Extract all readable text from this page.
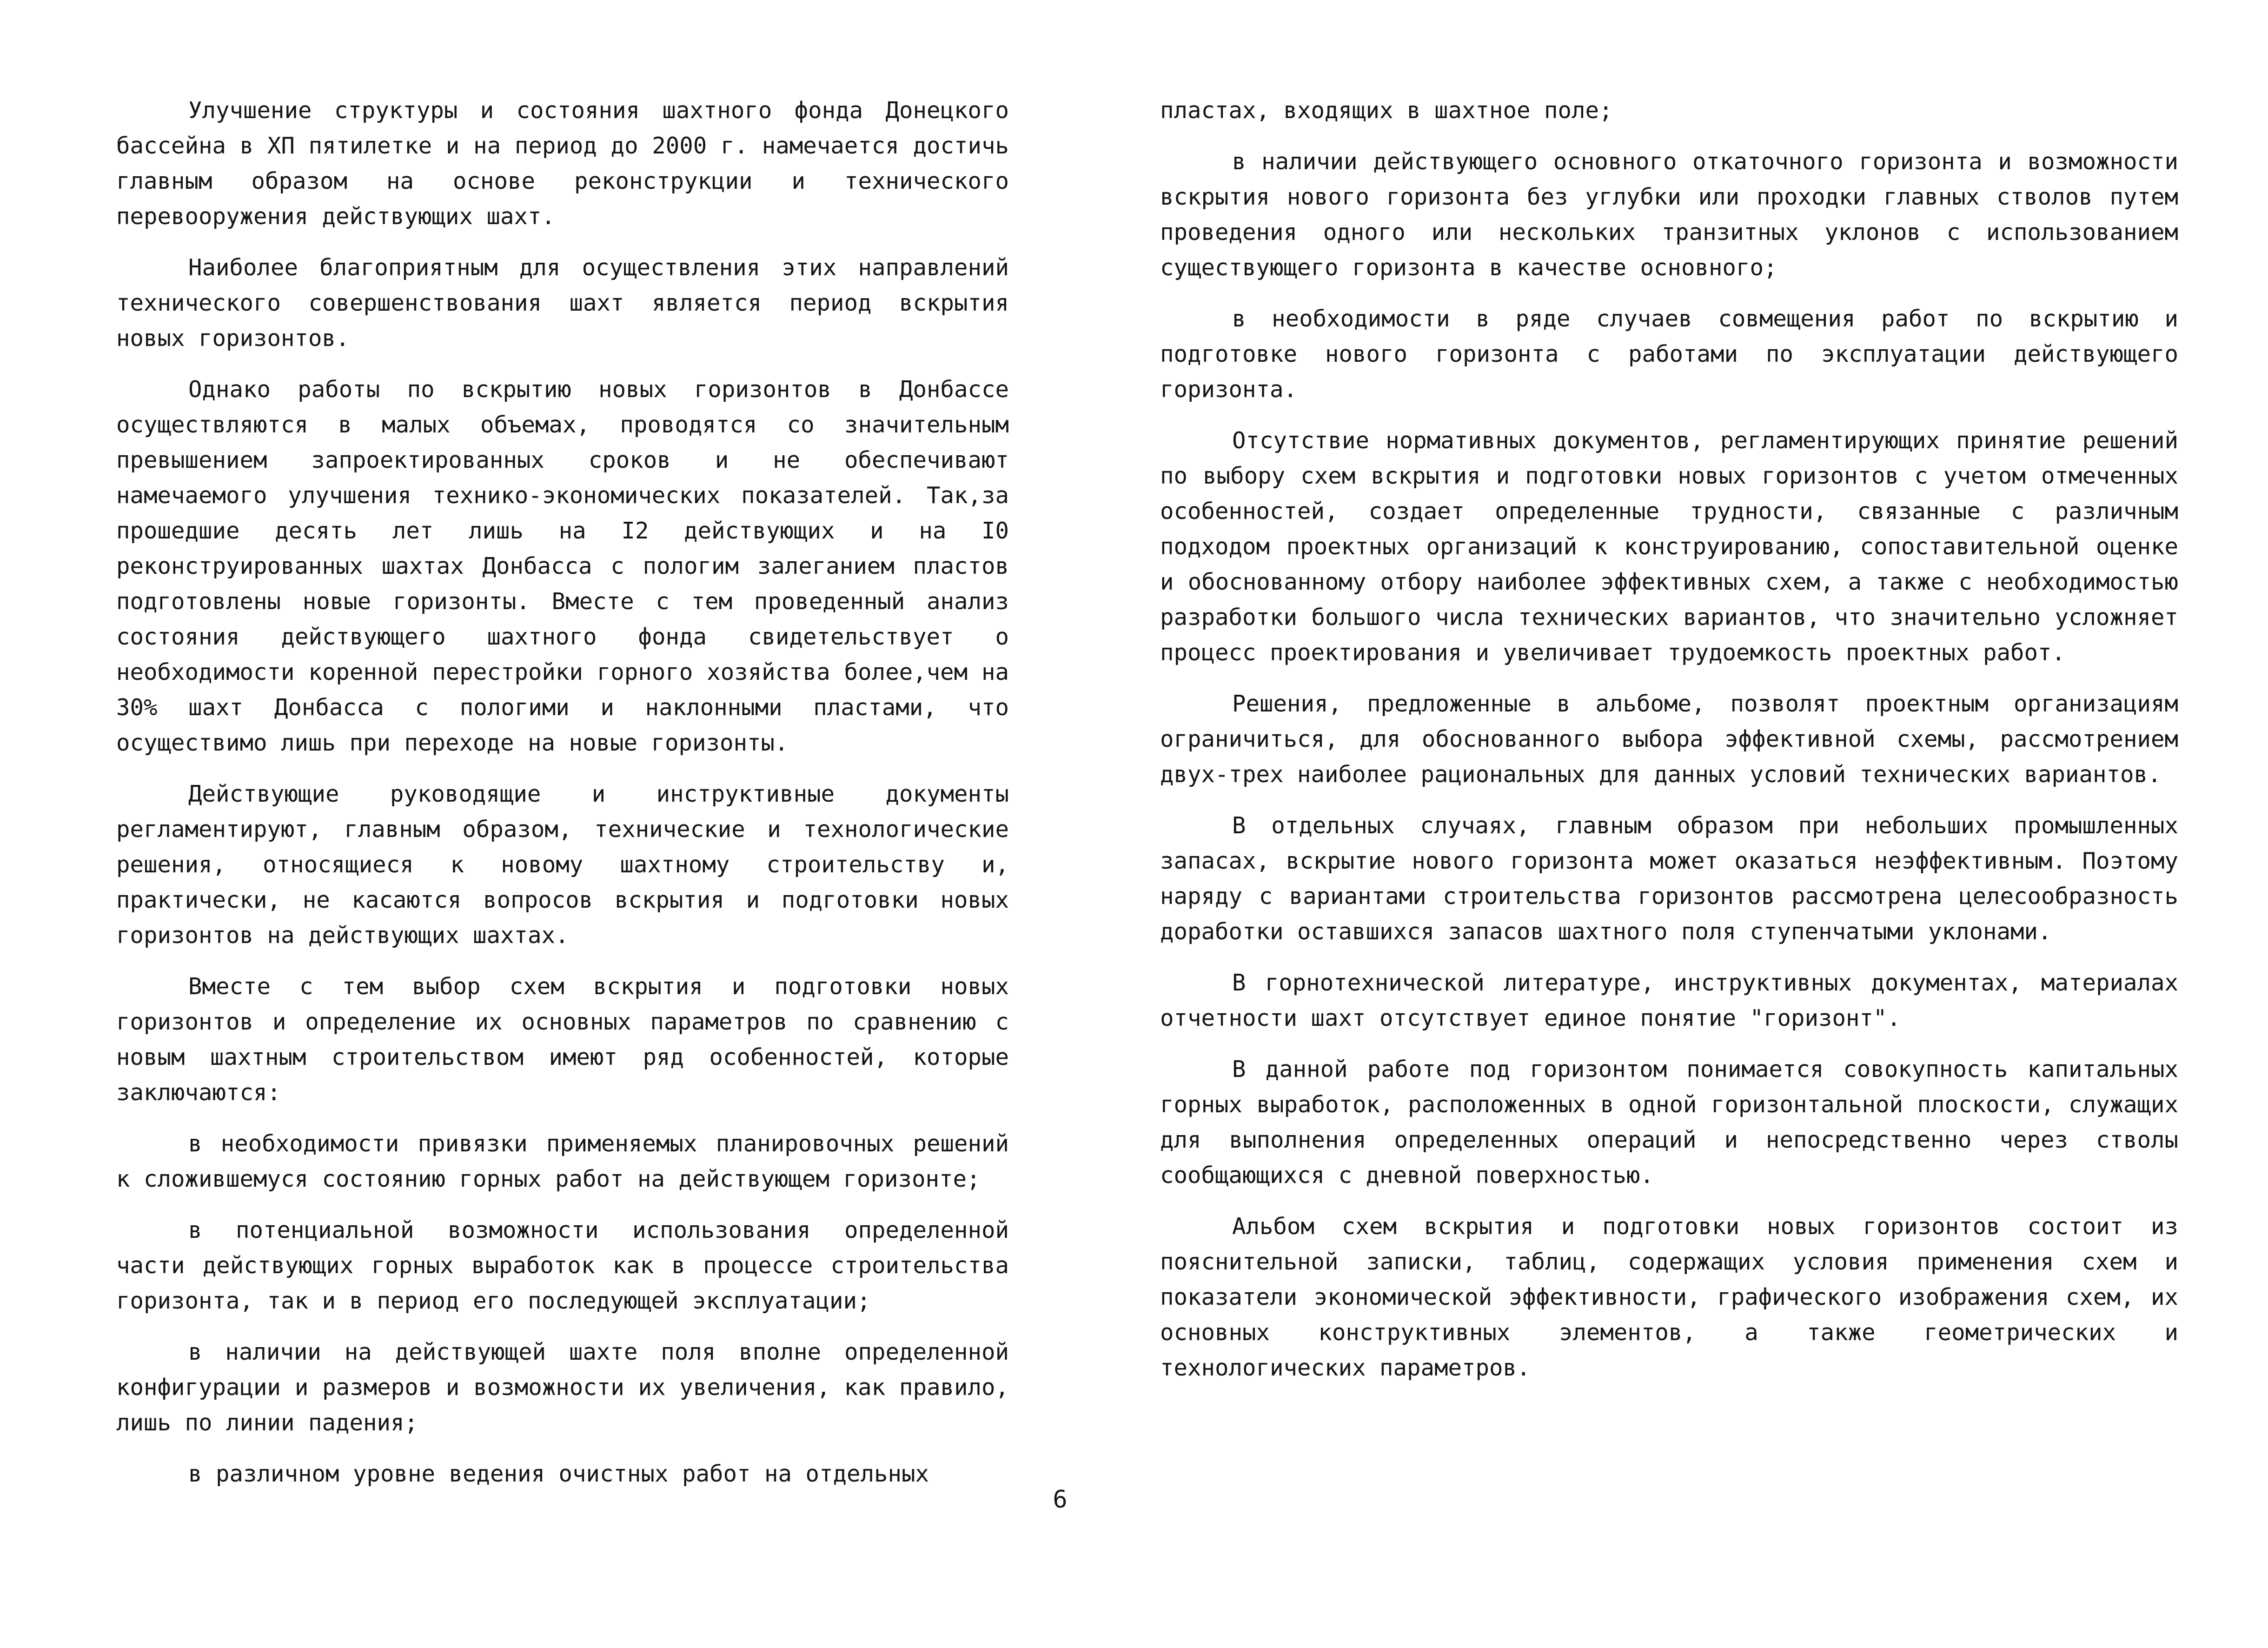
Улучшение структуры и состояния шахтного фонда Донецкого бассейна в ХП пятилетке и на период до 2000 г. намечается достичь главным образом на основе реконструкции и технического перевооружения действующих шахт.

Наиболее благоприятным для осуществления этих направлений технического совершенствования шахт является период вскрытия новых горизонтов.

Однако работы по вскрытию новых горизонтов в Донбассе осуществляются в малых объемах, проводятся со значительным превышением запроектированных сроков и не обеспечивают намечаемого улучшения технико-экономических показателей. Так,за прошедшие десять лет лишь на I2 действующих и на I0 реконструированных шахтах Донбасса с пологим залеганием пластов подготовлены новые горизонты. Вместе с тем проведенный анализ состояния действующего шахтного фонда свидетельствует о необходимости коренной перестройки горного хозяйства более,чем на 30% шахт Донбасса с пологими и наклонными пластами, что осуществимо лишь при переходе на новые горизонты.

Действующие руководящие и инструктивные документы регламентируют, главным образом, технические и технологические решения, относящиеся к новому шахтному строительству и, практически, не касаются вопросов вскрытия и подготовки новых горизонтов на действующих шахтах.

Вместе с тем выбор схем вскрытия и подготовки новых горизонтов и определение их основных параметров по сравнению с новым шахтным строительством имеют ряд особенностей, которые заключаются:

в необходимости привязки применяемых планировочных решений к сложившемуся состоянию горных работ на действующем горизонте;

в потенциальной возможности использования определенной части действующих горных выработок как в процессе строительства горизонта, так и в период его последующей эксплуатации;

в наличии на действующей шахте поля вполне определенной конфигурации и размеров и возможности их увеличения, как правило, лишь по линии падения;

в различном уровне ведения очистных работ на отдельных

пластах, входящих в шахтное поле;

в наличии действующего основного откаточного горизонта и возможности вскрытия нового горизонта без углубки или проходки главных стволов путем проведения одного или нескольких транзитных уклонов с использованием существующего горизонта в качестве основного;

в необходимости в ряде случаев совмещения работ по вскрытию и подготовке нового горизонта с работами по эксплуатации действующего горизонта.

Отсутствие нормативных документов, регламентирующих принятие решений по выбору схем вскрытия и подготовки новых горизонтов с учетом отмеченных особенностей, создает определенные трудности, связанные с различным подходом проектных организаций к конструированию, сопоставительной оценке и обоснованному отбору наиболее эффективных схем, а также с необходимостью разработки большого числа технических вариантов, что значительно усложняет процесс проектирования и увеличивает трудоемкость проектных работ.

Решения, предложенные в альбоме, позволят проектным организациям ограничиться, для обоснованного выбора эффективной схемы, рассмотрением двух-трех наиболее рациональных для данных условий технических вариантов.

В отдельных случаях, главным образом при небольших промышленных запасах, вскрытие нового горизонта может оказаться неэффективным. Поэтому наряду с вариантами строительства горизонтов рассмотрена целесообразность доработки оставшихся запасов шахтного поля ступенчатыми уклонами.

В горнотехнической литературе, инструктивных документах, материалах отчетности шахт отсутствует единое понятие "горизонт".

В данной работе под горизонтом понимается совокупность капитальных горных выработок, расположенных в одной горизонтальной плоскости, служащих для выполнения определенных операций и непосредственно через стволы сообщающихся с дневной поверхностью.

Альбом схем вскрытия и подготовки новых горизонтов состоит из пояснительной записки, таблиц, содержащих условия применения схем и показатели экономической эффективности, графического изображения схем, их основных конструктивных элементов, а также геометрических и технологических параметров.

6
